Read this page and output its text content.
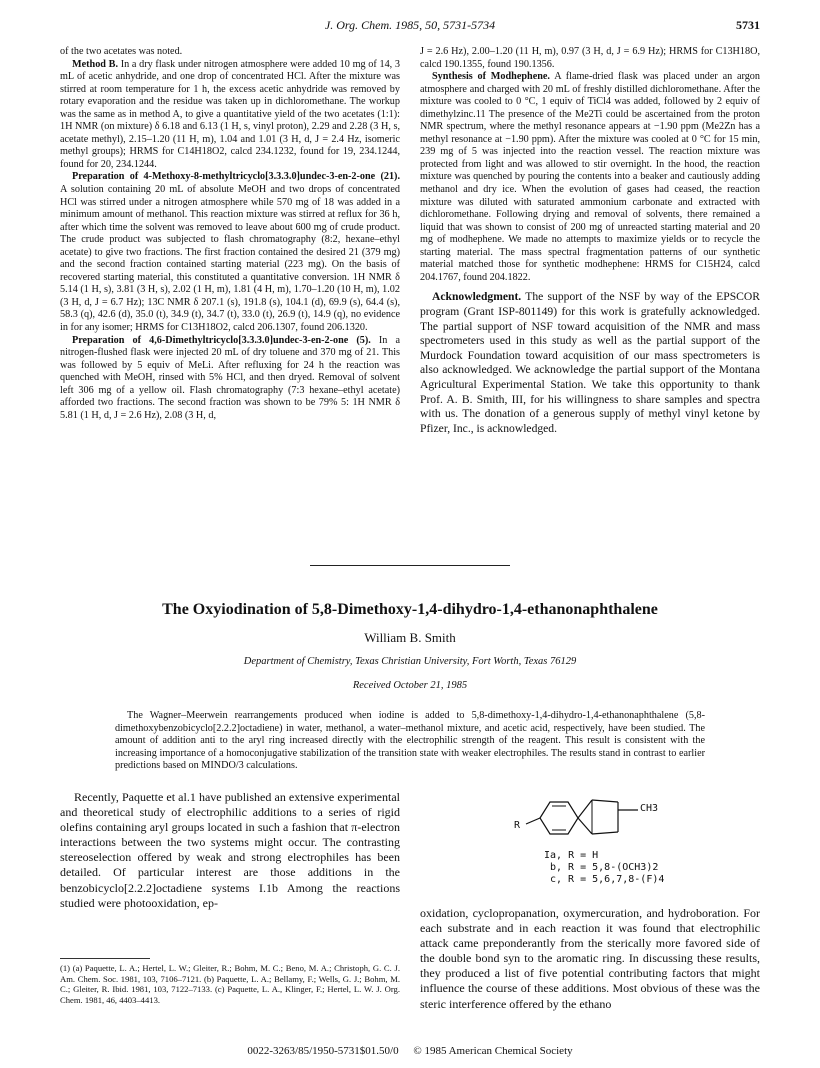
J. Org. Chem. 1985, 50, 5731-5734	5731

of the two acetates was noted.

Method B. In a dry flask under nitrogen atmosphere were added 10 mg of 14, 3 mL of acetic anhydride, and one drop of concentrated HCl. After the mixture was stirred at room temperature for 1 h, the excess acetic anhydride was removed by rotary evaporation and the residue was taken up in dichloromethane. The workup was the same as in method A, to give a quantitative yield of the two acetates (1:1): 1H NMR (on mixture) δ 6.18 and 6.13 (1 H, s, vinyl proton), 2.29 and 2.28 (3 H, s, acetate methyl), 2.15–1.20 (11 H, m), 1.04 and 1.01 (3 H, d, J = 2.4 Hz, isomeric methyl groups); HRMS for C14H18O2, calcd 234.1232, found for 19, 234.1244, found for 20, 234.1244.

Preparation of 4-Methoxy-8-methyltricyclo[3.3.3.0]undec-3-en-2-one (21). A solution containing 20 mL of absolute MeOH and two drops of concentrated HCl was stirred under a nitrogen atmosphere while 570 mg of 18 was added in a minimum amount of methanol. This reaction mixture was stirred at reflux for 36 h, after which time the solvent was removed to leave about 600 mg of crude product. The crude product was subjected to flash chromatography (8:2, hexane–ethyl acetate) to give two fractions. The first fraction contained the desired 21 (379 mg) and the second fraction contained starting material (223 mg). On the basis of recovered starting material, this constituted a quantitative conversion. 1H NMR δ 5.14 (1 H, s), 3.81 (3 H, s), 2.02 (1 H, m), 1.81 (4 H, m), 1.70–1.20 (10 H, m), 1.02 (3 H, d, J = 6.7 Hz); 13C NMR δ 207.1 (s), 191.8 (s), 104.1 (d), 69.9 (s), 64.4 (s), 58.3 (q), 42.6 (d), 35.0 (t), 34.9 (t), 34.7 (t), 33.0 (t), 26.9 (t), 14.9 (q), no evidence in for any isomer; HRMS for C13H18O2, calcd 206.1307, found 206.1320.

Preparation of 4,6-Dimethyltricyclo[3.3.3.0]undec-3-en-2-one (5). In a nitrogen-flushed flask were injected 20 mL of dry toluene and 370 mg of 21. This was followed by 5 equiv of MeLi. After refluxing for 24 h the reaction was quenched with MeOH, rinsed with 5% HCl, and then dryed. Removal of solvent left 306 mg of a yellow oil. Flash chromatography (7:3 hexane–ethyl acetate) afforded two fractions. The second fraction was shown to be 79% 5: 1H NMR δ 5.81 (1 H, d, J = 2.6 Hz), 2.08 (3 H, d,

J = 2.6 Hz), 2.00–1.20 (11 H, m), 0.97 (3 H, d, J = 6.9 Hz); HRMS for C13H18O, calcd 190.1355, found 190.1356.

Synthesis of Modhephene. A flame-dried flask was placed under an argon atmosphere and charged with 20 mL of freshly distilled dichloromethane. After the mixture was cooled to 0 °C, 1 equiv of TiCl4 was added, followed by 2 equiv of dimethylzinc.11 The presence of the Me2Ti could be ascertained from the proton NMR spectrum, where the methyl resonance appears at −1.90 ppm (Me2Zn has a methyl resonance at −1.90 ppm). After the mixture was cooled at 0 °C for 15 min, 239 mg of 5 was injected into the reaction vessel. The reaction mixture was protected from light and was allowed to stir overnight. In the hood, the reaction mixture was quenched by pouring the contents into a beaker and cautiously adding methanol and dry ice. When the evolution of gases had ceased, the reaction mixture was diluted with saturated ammonium carbonate and extracted with dichloromethane. Following drying and removal of solvents, there remained a liquid that was shown to consist of 200 mg of unreacted starting material and 20 mg of modhephene. We made no attempts to maximize yields or to recycle the starting material. The mass spectral fragmentation patterns of our synthetic material matched those for synthetic modhephene: HRMS for C15H24, calcd 204.1767, found 204.1822.

Acknowledgment. The support of the NSF by way of the EPSCOR program (Grant ISP-801149) for this work is gratefully acknowledged. The partial support of NSF toward acquisition of the NMR and mass spectrometers used in this study as well as the partial support of the Murdock Foundation toward acquisition of our mass spectrometers is also acknowledged. We acknowledge the partial support of the Montana Agricultural Experimental Station. We take this opportunity to thank Prof. A. B. Smith, III, for his willingness to share samples and spectra with us. The donation of a generous supply of methyl vinyl ketone by Pfizer, Inc., is acknowledged.

The Oxyiodination of 5,8-Dimethoxy-1,4-dihydro-1,4-ethanonaphthalene
William B. Smith
Department of Chemistry, Texas Christian University, Fort Worth, Texas 76129
Received October 21, 1985
The Wagner–Meerwein rearrangements produced when iodine is added to 5,8-dimethoxy-1,4-dihydro-1,4-ethanonaphthalene (5,8-dimethoxybenzobicyclo[2.2.2]octadiene) in water, methanol, a water–methanol mixture, and acetic acid, respectively, have been studied. The amount of addition anti to the aryl ring increased directly with the electrophilic strength of the reagent. This result is consistent with the increasing importance of a homoconjugative stabilization of the transition state with weaker electrophiles. The results stand in contrast to earlier predictions based on MINDO/3 calculations.
Recently, Paquette et al.1 have published an extensive experimental and theoretical study of electrophilic additions to a series of rigid olefins containing aryl groups located in such a fashion that π-electron interactions between the two systems might occur. The contrasting stereoselection offered by weak and strong electrophiles has been detailed. Of particular interest are those additions in the benzobicyclo[2.2.2]octadiene systems I.1b Among the reactions studied were photooxidation, ep-
(1) (a) Paquette, L. A.; Hertel, L. W.; Gleiter, R.; Bohm, M. C.; Beno, M. A.; Christoph, G. C. J. Am. Chem. Soc. 1981, 103, 7106–7121. (b) Paquette, L. A.; Bellamy, F.; Wells, G. J.; Bohm, M. C.; Gleiter, R. Ibid. 1981, 103, 7122–7133. (c) Paquette, L. A., Klinger, F.; Hertel, L. W. J. Org. Chem. 1981, 46, 4403–4413.
CH3
R
Ia, R = H
b, R = 5,8-(OCH3)2
c, R = 5,6,7,8-(F)4
oxidation, cyclopropanation, oxymercuration, and hydroboration. For each substrate and in each reaction it was found that electrophilic attack came preponderantly from the sterically more favored side of the double bond syn to the aromatic ring. In discussing these results, they produced a list of five potential contributing factors that might influence the course of these additions. Most obvious of these was the steric interference offered by the ethano
0022-3263/85/1950-5731$01.50/0 © 1985 American Chemical Society
